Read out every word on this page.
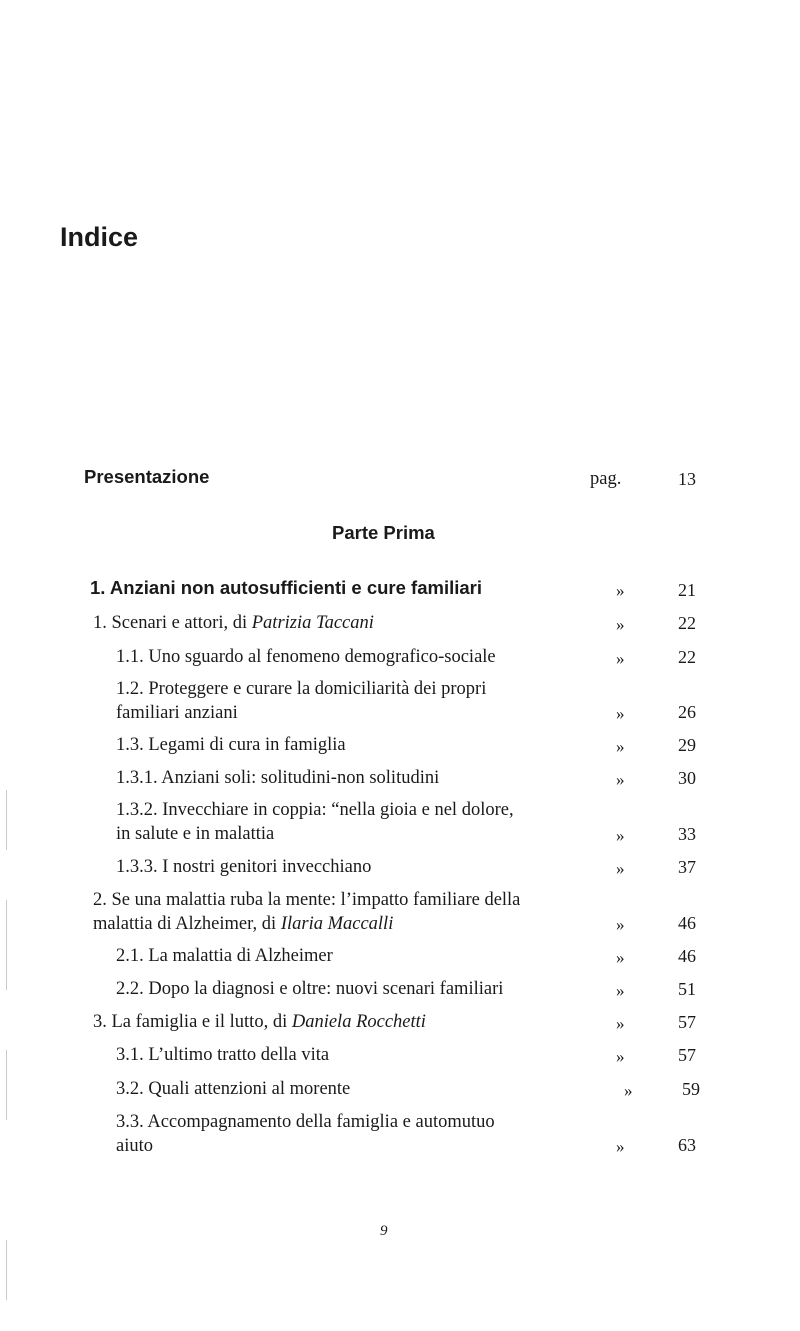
Indice
Presentazione	pag.	13
Parte Prima
1. Anziani non autosufficienti e cure familiari	»	21
1. Scenari e attori, di Patrizia Taccani	»	22
1.1. Uno sguardo al fenomeno demografico-sociale	»	22
1.2. Proteggere e curare la domiciliarità dei propri
familiari anziani	»	26
1.3. Legami di cura in famiglia	»	29
1.3.1. Anziani soli: solitudini-non solitudini	»	30
1.3.2. Invecchiare in coppia: “nella gioia e nel dolore,
in salute e in malattia	»	33
1.3.3. I nostri genitori invecchiano	»	37
2. Se una malattia ruba la mente: l’impatto familiare della
malattia di Alzheimer, di Ilaria Maccalli	»	46
2.1. La malattia di Alzheimer	»	46
2.2. Dopo la diagnosi e oltre: nuovi scenari familiari	»	51
3. La famiglia e il lutto, di Daniela Rocchetti	»	57
3.1. L’ultimo tratto della vita	»	57
3.2. Quali attenzioni al morente	»	59
3.3. Accompagnamento della famiglia e automutuo
aiuto	»	63
9
